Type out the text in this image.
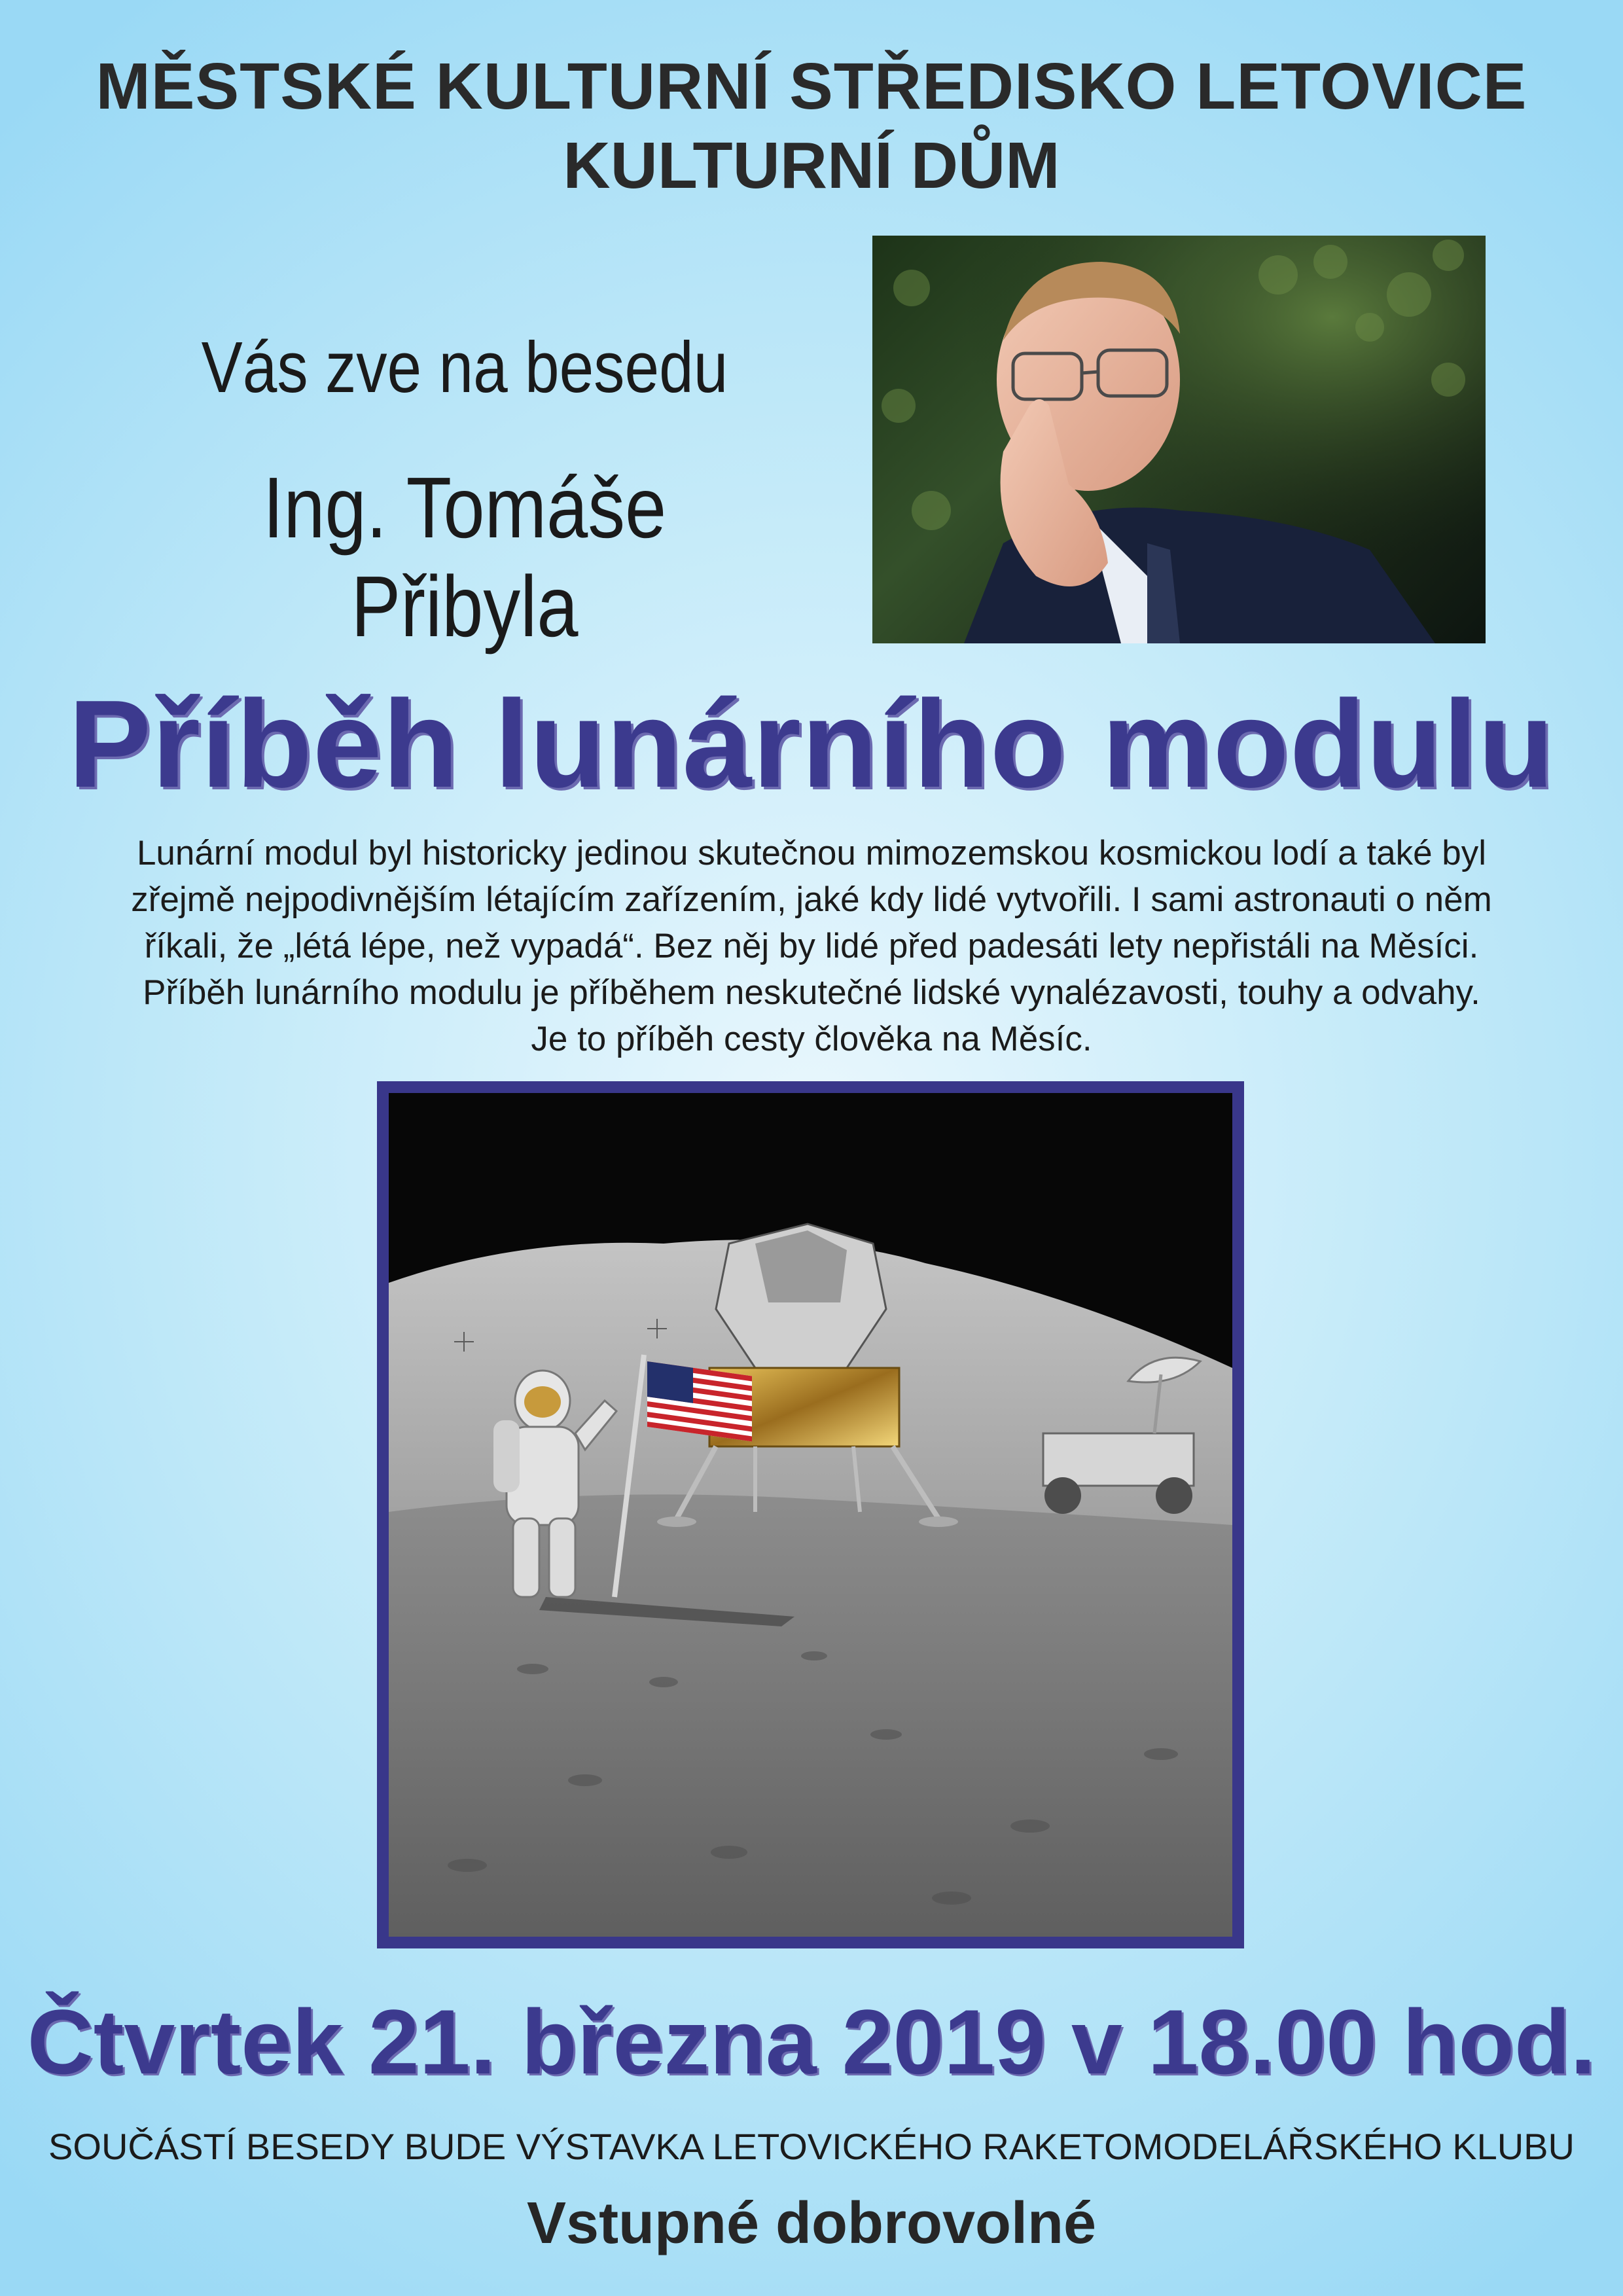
MĚSTSKÉ KULTURNÍ STŘEDISKO LETOVICE
KULTURNÍ DŮM
Vás zve na besedu
Ing. Tomáše Přibyla
Příběh lunárního modulu
Lunární modul byl historicky jedinou skutečnou mimozemskou kosmickou lodí a také byl
zřejmě nejpodivnějším létajícím zařízením, jaké kdy lidé vytvořili. I sami astronauti o něm
říkali, že „létá lépe, než vypadá“. Bez něj by lidé před padesáti lety nepřistáli na Měsíci.
Příběh lunárního modulu je příběhem neskutečné lidské vynalézavosti, touhy a odvahy.
Je to příběh cesty člověka na Měsíc.
Čtvrtek 21. března 2019 v 18.00 hod.
SOUČÁSTÍ BESEDY BUDE VÝSTAVKA LETOVICKÉHO RAKETOMODELÁŘSKÉHO KLUBU
Vstupné dobrovolné
